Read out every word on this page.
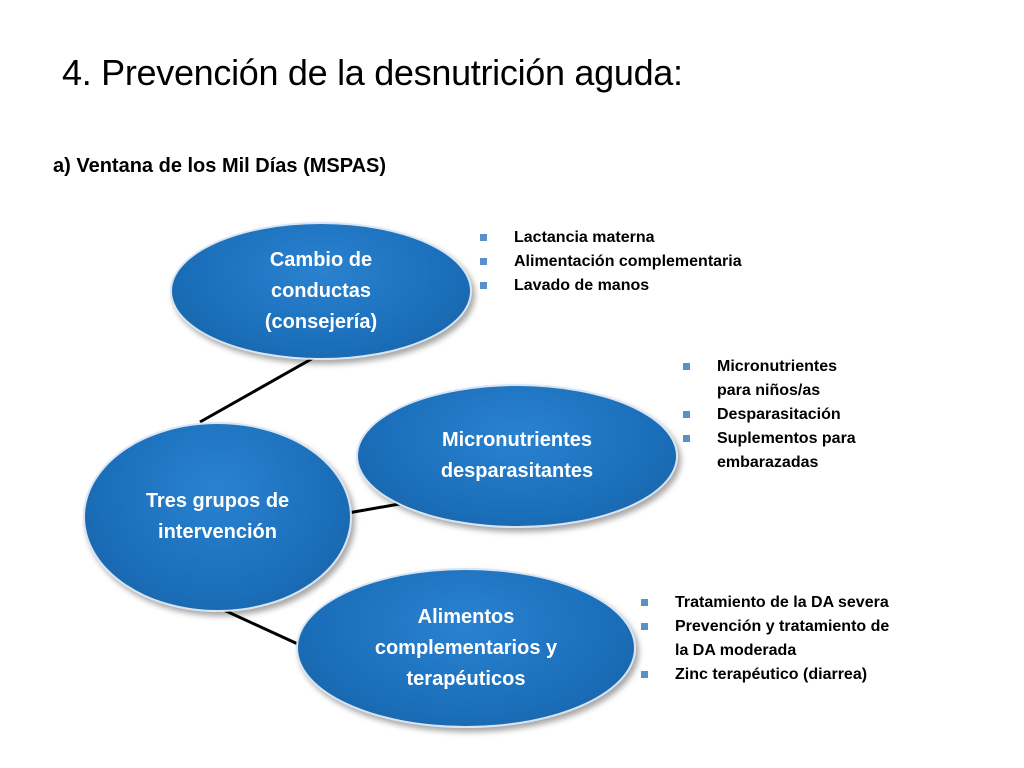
4. Prevención de la desnutrición aguda:
a) Ventana de los Mil Días (MSPAS)
Cambio de
conductas
(consejería)
Micronutrientes
desparasitantes
Tres grupos de
intervención
Alimentos
complementarios y
terapéuticos
Lactancia materna
Alimentación complementaria
Lavado de manos
Micronutrientes
para niños/as
Desparasitación
Suplementos para
embarazadas
Tratamiento de la DA severa
Prevención y tratamiento de
la DA moderada
Zinc terapéutico (diarrea)
